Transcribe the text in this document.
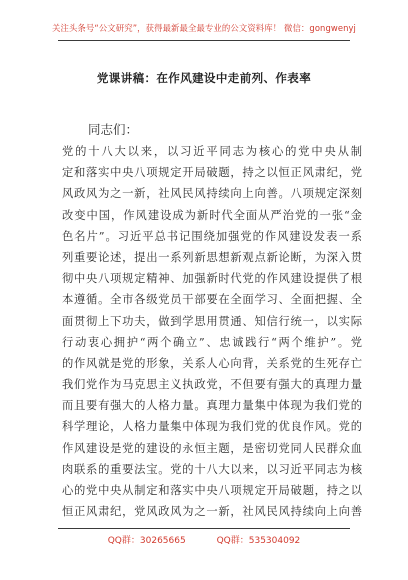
关注头条号“公文研究”，获得最新最全最专业的公文资料库！ 微信：gongwenyj
党课讲稿：在作风建设中走前列、作表率
同志们：
党的十八大以来，以习近平同志为核心的党中央从制
定和落实中央八项规定开局破题，持之以恒正风肃纪，党
风政风为之一新，社风民风持续向上向善。八项规定深刻
改变中国，作风建设成为新时代全面从严治党的一张“金
色名片”。习近平总书记围绕加强党的作风建设发表一系
列重要论述，提出一系列新思想新观点新论断，为深入贯
彻中央八项规定精神、加强新时代党的作风建设提供了根
本遵循。全市各级党员干部要在全面学习、全面把握、全
面贯彻上下功夫，做到学思用贯通、知信行统一，以实际
行动衷心拥护“两个确立”、忠诚践行“两个维护”。党
的作风就是党的形象，关系人心向背，关系党的生死存亡
我们党作为马克思主义执政党，不但要有强大的真理力量
而且要有强大的人格力量。真理力量集中体现为我们党的
科学理论，人格力量集中体现为我们党的优良作风。党的
作风建设是党的建设的永恒主题，是密切党同人民群众血
肉联系的重要法宝。党的十八大以来，以习近平同志为核
心的党中央从制定和落实中央八项规定开局破题，持之以
恒正风肃纪，党风政风为之一新，社风民风持续向上向善
QQ群：30265665	QQ群：535304092
